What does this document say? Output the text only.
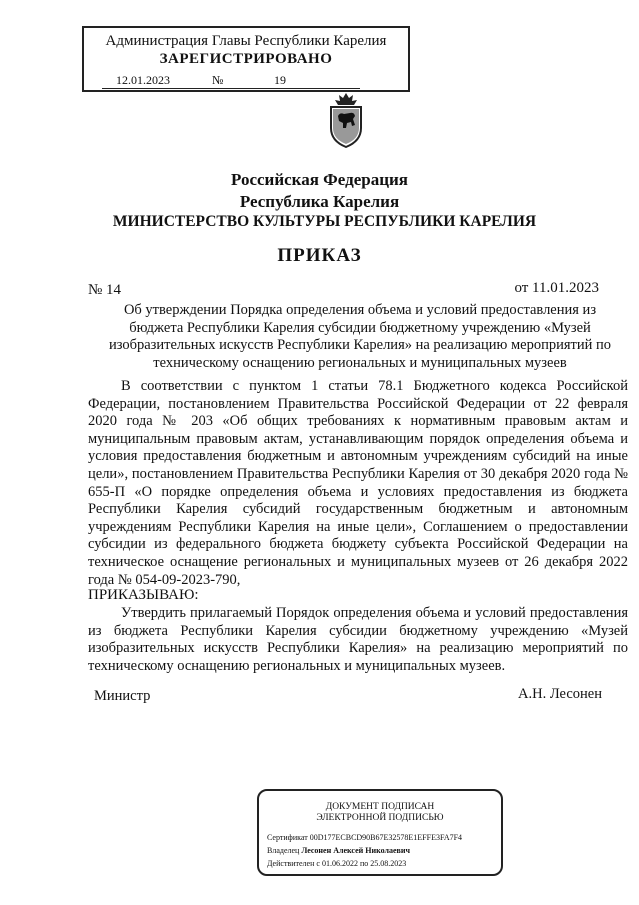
Администрация Главы Республики Карелия
ЗАРЕГИСТРИРОВАНО
12.01.2023	№	19
Российская Федерация
Республика Карелия
МИНИСТЕРСТВО КУЛЬТУРЫ РЕСПУБЛИКИ КАРЕЛИЯ
ПРИКАЗ
№ 14	от 11.01.2023
Об утверждении Порядка определения объема и условий предоставления из бюджета Республики Карелия субсидии бюджетному учреждению «Музей изобразительных искусств Республики Карелия» на реализацию мероприятий по техническому оснащению региональных и муниципальных музеев
В соответствии с пунктом 1 статьи 78.1 Бюджетного кодекса Российской Федерации, постановлением Правительства Российской Федерации от 22 февраля 2020 года № 203 «Об общих требованиях к нормативным правовым актам и муниципальным правовым актам, устанавливающим порядок определения объема и условия предоставления бюджетным и автономным учреждениям субсидий на иные цели», постановлением Правительства Республики Карелия от 30 декабря 2020 года № 655-П «О порядке определения объема и условиях предоставления из бюджета Республики Карелия субсидий государственным бюджетным и автономным учреждениям Республики Карелия на иные цели», Соглашением о предоставлении субсидии из федерального бюджета бюджету субъекта Российской Федерации на техническое оснащение региональных и муниципальных музеев от 26 декабря 2022 года № 054-09-2023-790,
ПРИКАЗЫВАЮ:
Утвердить прилагаемый Порядок определения объема и условий предоставления из бюджета Республики Карелия субсидии бюджетному учреждению «Музей изобразительных искусств Республики Карелия» на реализацию мероприятий по техническому оснащению региональных и муниципальных музеев.
Министр	А.Н. Лесонен
ДОКУМЕНТ ПОДПИСАН
ЭЛЕКТРОННОЙ ПОДПИСЬЮ
Сертификат 00D177ECBCD90B67E32578E1EFFE3FA7F4
Владелец Лесонен Алексей Николаевич
Действителен с 01.06.2022 по 25.08.2023
